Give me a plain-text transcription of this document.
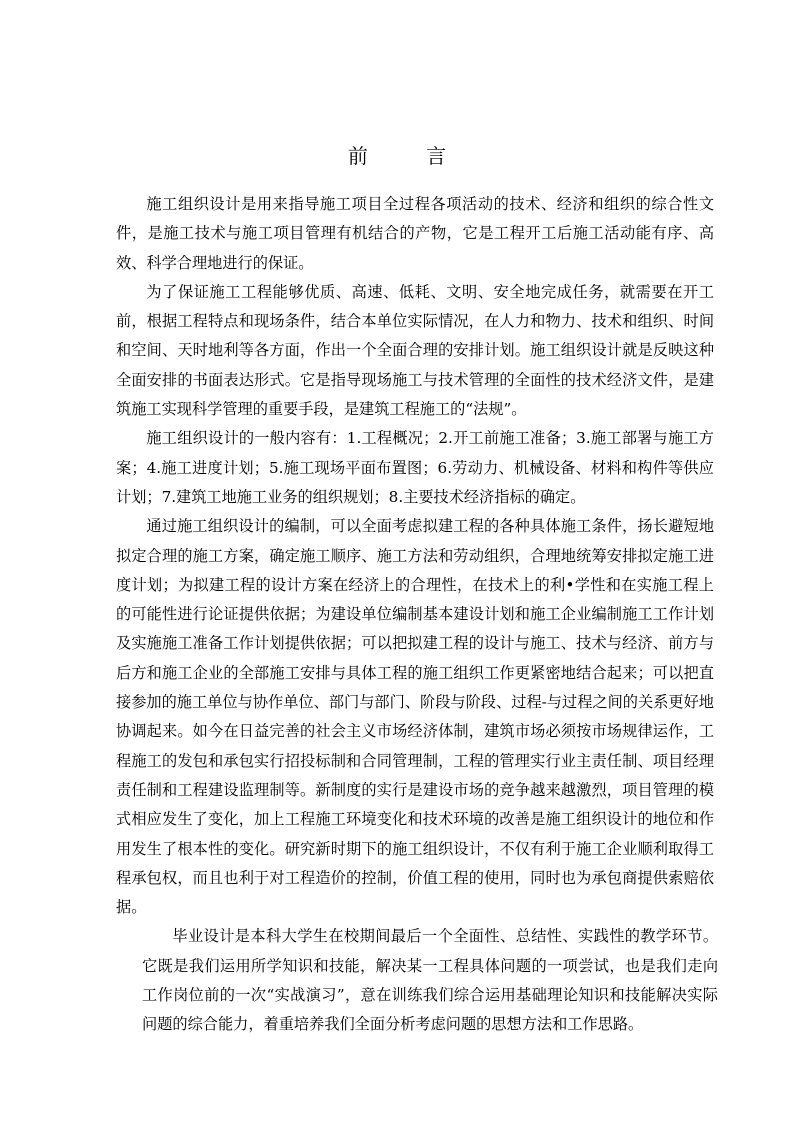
前 言

施工组织设计是用来指导施工项目全过程各项活动的技术、经济和组织的综合性文件，是施工技术与施工项目管理有机结合的产物，它是工程开工后施工活动能有序、高效、科学合理地进行的保证。

为了保证施工工程能够优质、高速、低耗、文明、安全地完成任务，就需要在开工前，根据工程特点和现场条件，结合本单位实际情况，在人力和物力、技术和组织、时间和空间、天时地利等各方面，作出一个全面合理的安排计划。施工组织设计就是反映这种全面安排的书面表达形式。它是指导现场施工与技术管理的全面性的技术经济文件，是建筑施工实现科学管理的重要手段，是建筑工程施工的“法规”。

施工组织设计的一般内容有：1.工程概况；2.开工前施工准备；3.施工部署与施工方案；4.施工进度计划；5.施工现场平面布置图；6.劳动力、机械设备、材料和构件等供应计划；7.建筑工地施工业务的组织规划；8.主要技术经济指标的确定。

通过施工组织设计的编制，可以全面考虑拟建工程的各种具体施工条件，扬长避短地拟定合理的施工方案，确定施工顺序、施工方法和劳动组织，合理地统筹安排拟定施工进度计划；为拟建工程的设计方案在经济上的合理性，在技术上的利•学性和在实施工程上的可能性进行论证提供依据；为建设单位编制基本建设计划和施工企业编制施工工作计划及实施施工准备工作计划提供依据；可以把拟建工程的设计与施工、技术与经济、前方与后方和施工企业的全部施工安排与具体工程的施工组织工作更紧密地结合起来；可以把直接参加的施工单位与协作单位、部门与部门、阶段与阶段、过程-与过程之间的关系更好地协调起来。如今在日益完善的社会主义市场经济体制，建筑市场必须按市场规律运作，工程施工的发包和承包实行招投标制和合同管理制，工程的管理实行业主责任制、项目经理责任制和工程建设监理制等。新制度的实行是建设市场的竞争越来越激烈，项目管理的模式相应发生了变化，加上工程施工环境变化和技术环境的改善是施工组织设计的地位和作用发生了根本性的变化。研究新时期下的施工组织设计，不仅有利于施工企业顺利取得工程承包权，而且也利于对工程造价的控制，价值工程的使用，同时也为承包商提供索赔依据。

毕业设计是本科大学生在校期间最后一个全面性、总结性、实践性的教学环节。它既是我们运用所学知识和技能，解决某一工程具体问题的一项尝试，也是我们走向工作岗位前的一次“实战演习”，意在训练我们综合运用基础理论知识和技能解决实际问题的综合能力，着重培养我们全面分析考虑问题的思想方法和工作思路。
